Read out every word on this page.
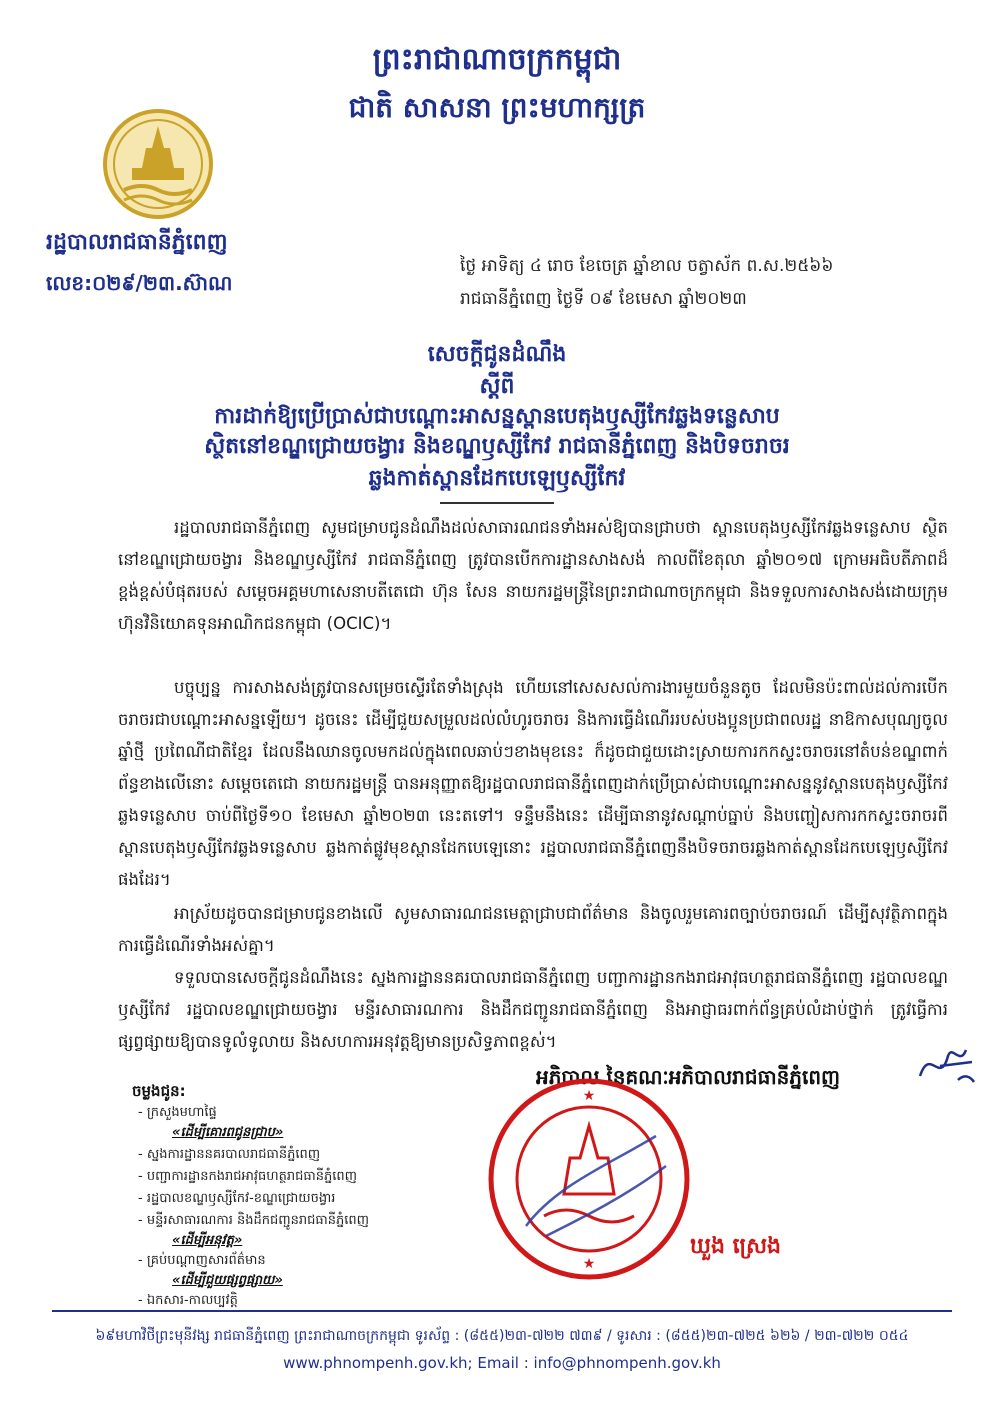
ព្រះរាជាណាចក្រកម្ពុជា
ជាតិ សាសនា ព្រះមហាក្សត្រ
រដ្ឋបាលរាជធានីភ្នំពេញ
លេខ:០២៩/២៣.ស៊ាណ
ថ្ងៃ អាទិត្យ ៤ រោច ខែចេត្រ ឆ្នាំខាល ចត្វាស័ក ព.ស.២៥៦៦
រាជធានីភ្នំពេញ ថ្ងៃទី ០៩ ខែមេសា ឆ្នាំ២០២៣
សេចក្តីជូនដំណឹង
ស្តីពី
ការដាក់ឱ្យប្រើប្រាស់ជាបណ្តោះអាសន្នស្ពានបេតុងឫស្សីកែវឆ្លងទន្លេសាប
ស្ថិតនៅខណ្ឌជ្រោយចង្វារ និងខណ្ឌឫស្សីកែវ រាជធានីភ្នំពេញ និងបិទចរាចរ
ឆ្លងកាត់ស្ពានដែកបេឡេឫស្សីកែវ
រដ្ឋបាលរាជធានីភ្នំពេញ សូមជម្រាបជូនដំណឹងដល់សាធារណជនទាំងអស់ឱ្យបានជ្រាបថា ស្ពានបេតុងឫស្សីកែវឆ្លងទន្លេសាប ស្ថិតនៅខណ្ឌជ្រោយចង្វារ និងខណ្ឌឫស្សីកែវ រាជធានីភ្នំពេញ ត្រូវបានបើកការដ្ឋានសាងសង់ កាលពីខែតុលា ឆ្នាំ២០១៧ ក្រោមអធិបតីភាពដ៏ខ្ពង់ខ្ពស់បំផុតរបស់ សម្តេចអគ្គមហាសេនាបតីតេជោ ហ៊ុន សែន នាយករដ្ឋមន្ត្រីនៃព្រះរាជាណាចក្រកម្ពុជា និងទទួលការសាងសង់ដោយក្រុមហ៊ុនវិនិយោគទុនអាណិកជនកម្ពុជា (OCIC)។
បច្ចុប្បន្ន ការសាងសង់ត្រូវបានសម្រេចស្ទើរតែទាំងស្រុង ហើយនៅសេសសល់ការងារមួយចំនួនតូច ដែលមិនប៉ះពាល់ដល់ការបើកចរាចរជាបណ្តោះអាសន្នឡើយ។ ដូចនេះ ដើម្បីជួយសម្រួលដល់លំហូរចរាចរ និងការធ្វើដំណើររបស់បងប្អូនប្រជាពលរដ្ឋ នាឱកាសបុណ្យចូលឆ្នាំថ្មី ប្រពៃណីជាតិខ្មែរ ដែលនឹងឈានចូលមកដល់ក្នុងពេលឆាប់ៗខាងមុខនេះ ក៏ដូចជាជួយដោះស្រាយការកកស្ទះចរាចរនៅតំបន់ខណ្ឌពាក់ព័ន្ធខាងលើនោះ សម្តេចតេជោ នាយករដ្ឋមន្ត្រី បានអនុញ្ញាតឱ្យរដ្ឋបាលរាជធានីភ្នំពេញដាក់ប្រើប្រាស់ជាបណ្តោះអាសន្ននូវស្ពានបេតុងឫស្សីកែវឆ្លងទន្លេសាប ចាប់ពីថ្ងៃទី១០ ខែមេសា ឆ្នាំ២០២៣ នេះតទៅ។ ទន្ទឹមនឹងនេះ ដើម្បីធានានូវសណ្តាប់ធ្នាប់ និងបញ្ចៀសការកកស្ទះចរាចរពីស្ពានបេតុងឫស្សីកែវឆ្លងទន្លេសាប ឆ្លងកាត់ផ្លូវមុខស្ពានដែកបេឡេនោះ រដ្ឋបាលរាជធានីភ្នំពេញនឹងបិទចរាចរឆ្លងកាត់ស្ពានដែកបេឡេឫស្សីកែវផងដែរ។
អាស្រ័យដូចបានជម្រាបជូនខាងលើ សូមសាធារណជនមេត្តាជ្រាបជាព័ត៌មាន និងចូលរួមគោរពច្បាប់ចរាចរណ៍ ដើម្បីសុវត្ថិភាពក្នុងការធ្វើដំណើរទាំងអស់គ្នា។
ទទួលបានសេចក្តីជូនដំណឹងនេះ ស្នងការដ្ឋាននគរបាលរាជធានីភ្នំពេញ បញ្ជាការដ្ឋានកងរាជអាវុធហត្ថរាជធានីភ្នំពេញ រដ្ឋបាលខណ្ឌឫស្សីកែវ រដ្ឋបាលខណ្ឌជ្រោយចង្វារ មន្ទីរសាធារណការ និងដឹកជញ្ជូនរាជធានីភ្នំពេញ និងអាជ្ញាធរពាក់ព័ន្ធគ្រប់លំដាប់ថ្នាក់ ត្រូវធ្វើការផ្សព្វផ្សាយឱ្យបានទូលំទូលាយ និងសហការអនុវត្តឱ្យមានប្រសិទ្ធភាពខ្ពស់។
អភិបាល នៃគណៈអភិបាលរាជធានីភ្នំពេញ
★
★
ឃួង ស្រេង
ចម្លងជូន:
- ក្រសួងមហាផ្ទៃ
«ដើម្បីគោរពជូនជ្រាប»
- ស្នងការដ្ឋាននគរបាលរាជធានីភ្នំពេញ
- បញ្ជាការដ្ឋានកងរាជអាវុធហត្ថរាជធានីភ្នំពេញ
- រដ្ឋបាលខណ្ឌឫស្សីកែវ-ខណ្ឌជ្រោយចង្វារ
- មន្ទីរសាធារណការ និងដឹកជញ្ជូនរាជធានីភ្នំពេញ
«ដើម្បីអនុវត្ត»
- គ្រប់បណ្តាញសារព័ត៌មាន
«ដើម្បីជួយផ្សព្វផ្សាយ»
- ឯកសារ-កាលប្បវត្តិ
៦៩មហាវិថីព្រះមុនីវង្ស រាជធានីភ្នំពេញ ព្រះរាជាណាចក្រកម្ពុជា ទូរស័ព្ទ : (៨៥៥)២៣-៧២២ ៧៣៩ / ទូរសារ : (៨៥៥)២៣-៧២៥ ៦២៦ / ២៣-៧២២ ០៥៤
www.phnompenh.gov.kh; Email : info@phnompenh.gov.kh
